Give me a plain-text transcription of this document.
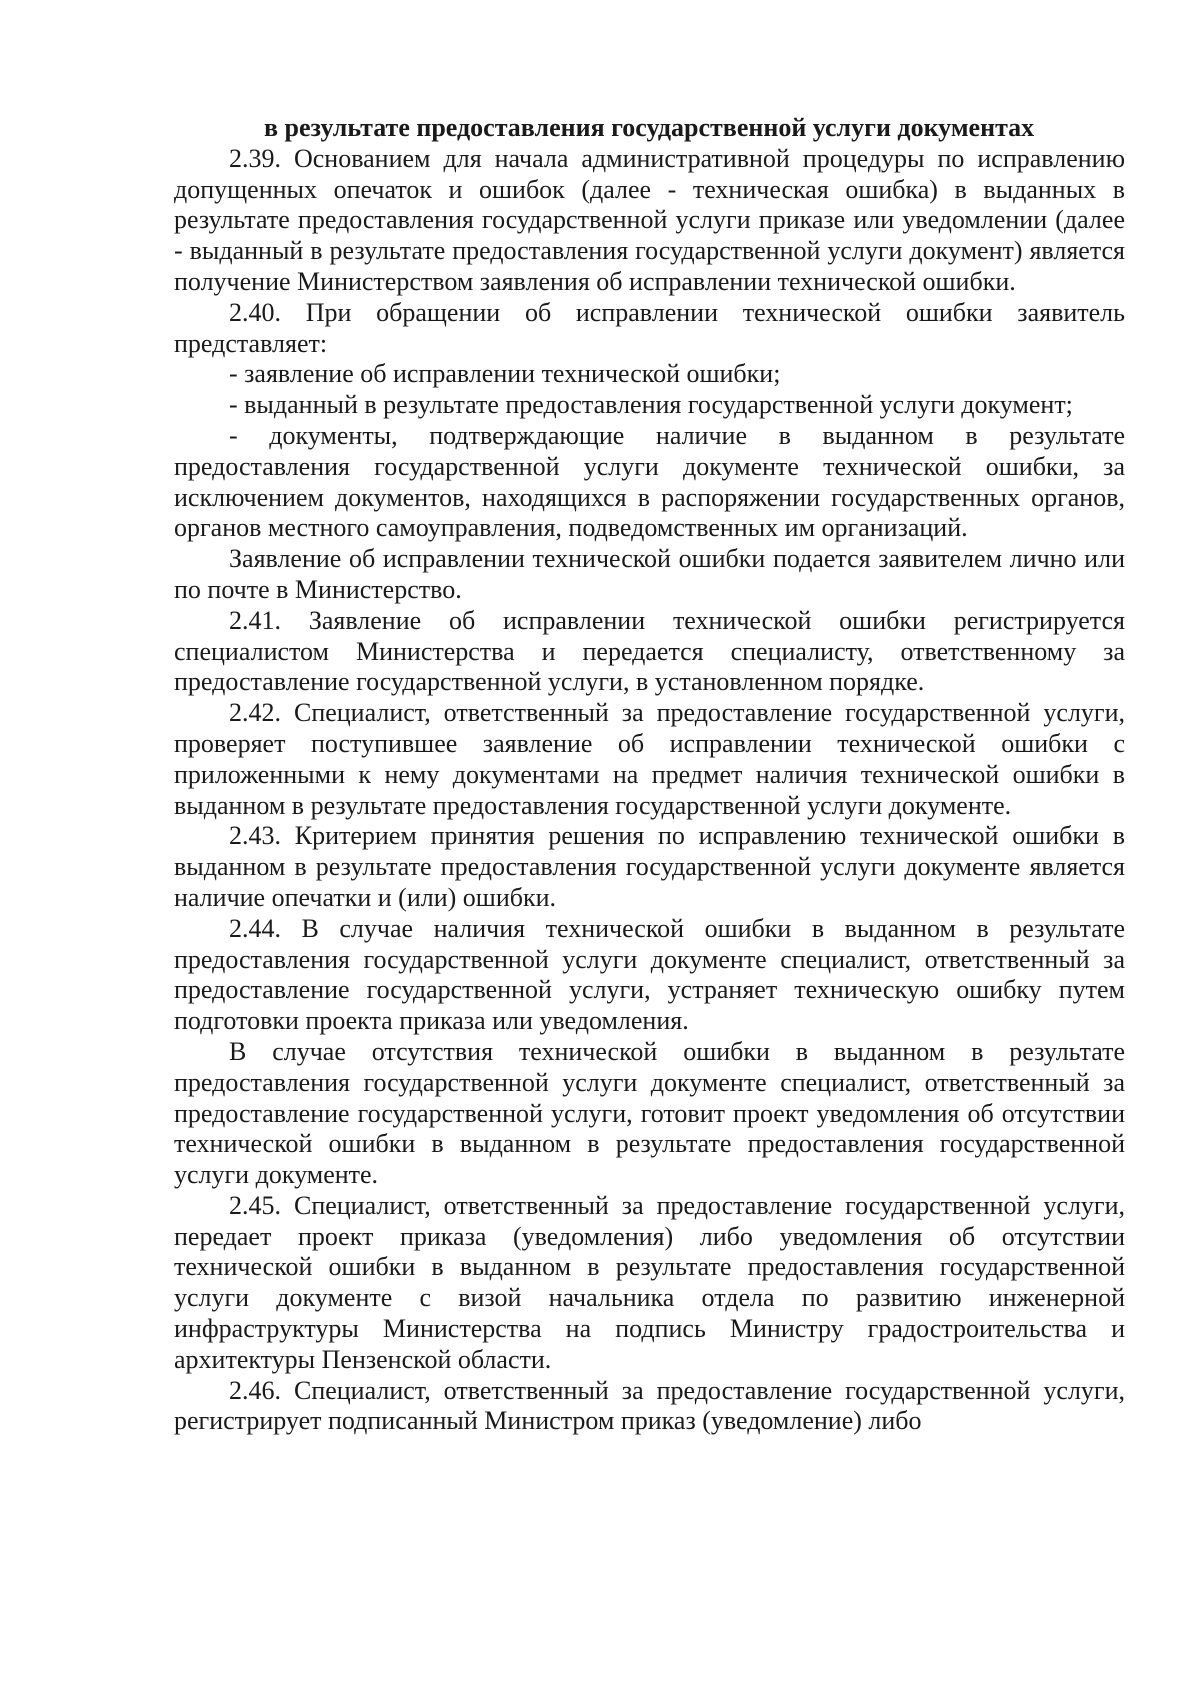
в результате предоставления государственной услуги документах

2.39. Основанием для начала административной процедуры по исправлению допущенных опечаток и ошибок (далее - техническая ошибка) в выданных в результате предоставления государственной услуги приказе или уведомлении (далее - выданный в результате предоставления государственной услуги документ) является получение Министерством заявления об исправлении технической ошибки.

2.40. При обращении об исправлении технической ошибки заявитель представляет:

- заявление об исправлении технической ошибки;

- выданный в результате предоставления государственной услуги документ;

- документы, подтверждающие наличие в выданном в результате предоставления государственной услуги документе технической ошибки, за исключением документов, находящихся в распоряжении государственных органов, органов местного самоуправления, подведомственных им организаций.

Заявление об исправлении технической ошибки подается заявителем лично или по почте в Министерство.

2.41. Заявление об исправлении технической ошибки регистрируется специалистом Министерства и передается специалисту, ответственному за предоставление государственной услуги, в установленном порядке.

2.42. Специалист, ответственный за предоставление государственной услуги, проверяет поступившее заявление об исправлении технической ошибки с приложенными к нему документами на предмет наличия технической ошибки в выданном в результате предоставления государственной услуги документе.

2.43. Критерием принятия решения по исправлению технической ошибки в выданном в результате предоставления государственной услуги документе является наличие опечатки и (или) ошибки.

2.44. В случае наличия технической ошибки в выданном в результате предоставления государственной услуги документе специалист, ответственный за предоставление государственной услуги, устраняет техническую ошибку путем подготовки проекта приказа или уведомления.

В случае отсутствия технической ошибки в выданном в результате предоставления государственной услуги документе специалист, ответственный за предоставление государственной услуги, готовит проект уведомления об отсутствии технической ошибки в выданном в результате предоставления государственной услуги документе.

2.45. Специалист, ответственный за предоставление государственной услуги, передает проект приказа (уведомления) либо уведомления об отсутствии технической ошибки в выданном в результате предоставления государственной услуги документе с визой начальника отдела по развитию инженерной инфраструктуры Министерства на подпись Министру градостроительства и архитектуры Пензенской области.

2.46. Специалист, ответственный за предоставление государственной услуги, регистрирует подписанный Министром приказ (уведомление) либо
